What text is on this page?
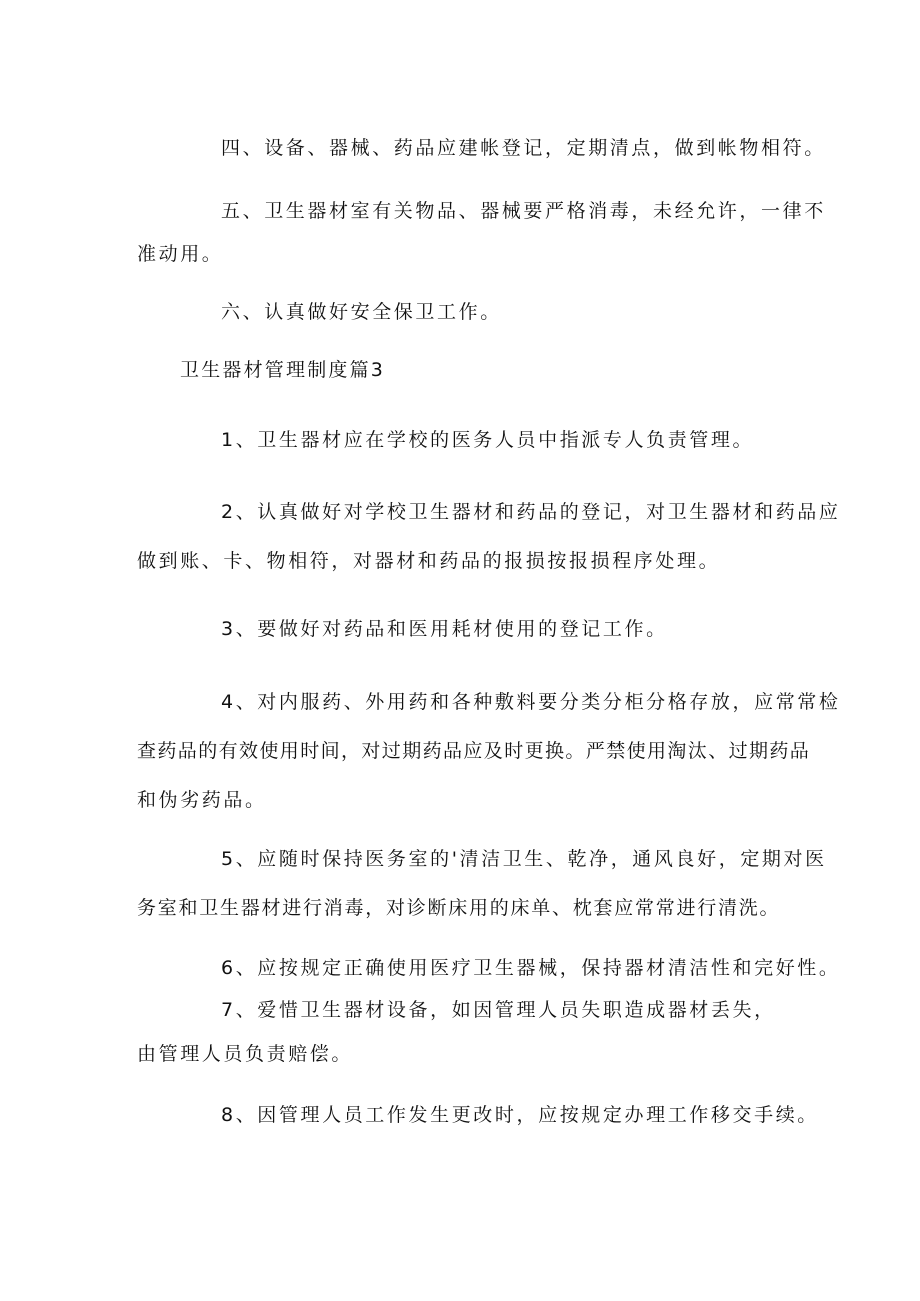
四、设备、器械、药品应建帐登记，定期清点，做到帐物相符。
五、卫生器材室有关物品、器械要严格消毒，未经允许，一律不
准动用。
六、认真做好安全保卫工作。
卫生器材管理制度篇3
1、卫生器材应在学校的医务人员中指派专人负责管理。
2、认真做好对学校卫生器材和药品的登记，对卫生器材和药品应
做到账、卡、物相符，对器材和药品的报损按报损程序处理。
3、要做好对药品和医用耗材使用的登记工作。
4、对内服药、外用药和各种敷料要分类分柜分格存放，应常常检
查药品的有效使用时间，对过期药品应及时更换。严禁使用淘汰、过期药品
和伪劣药品。
5、应随时保持医务室的'清洁卫生、乾净，通风良好，定期对医
务室和卫生器材进行消毒，对诊断床用的床单、枕套应常常进行清洗。
6、应按规定正确使用医疗卫生器械，保持器材清洁性和完好性。
7、爱惜卫生器材设备，如因管理人员失职造成器材丢失，
由管理人员负责赔偿。
8、因管理人员工作发生更改时，应按规定办理工作移交手续。
